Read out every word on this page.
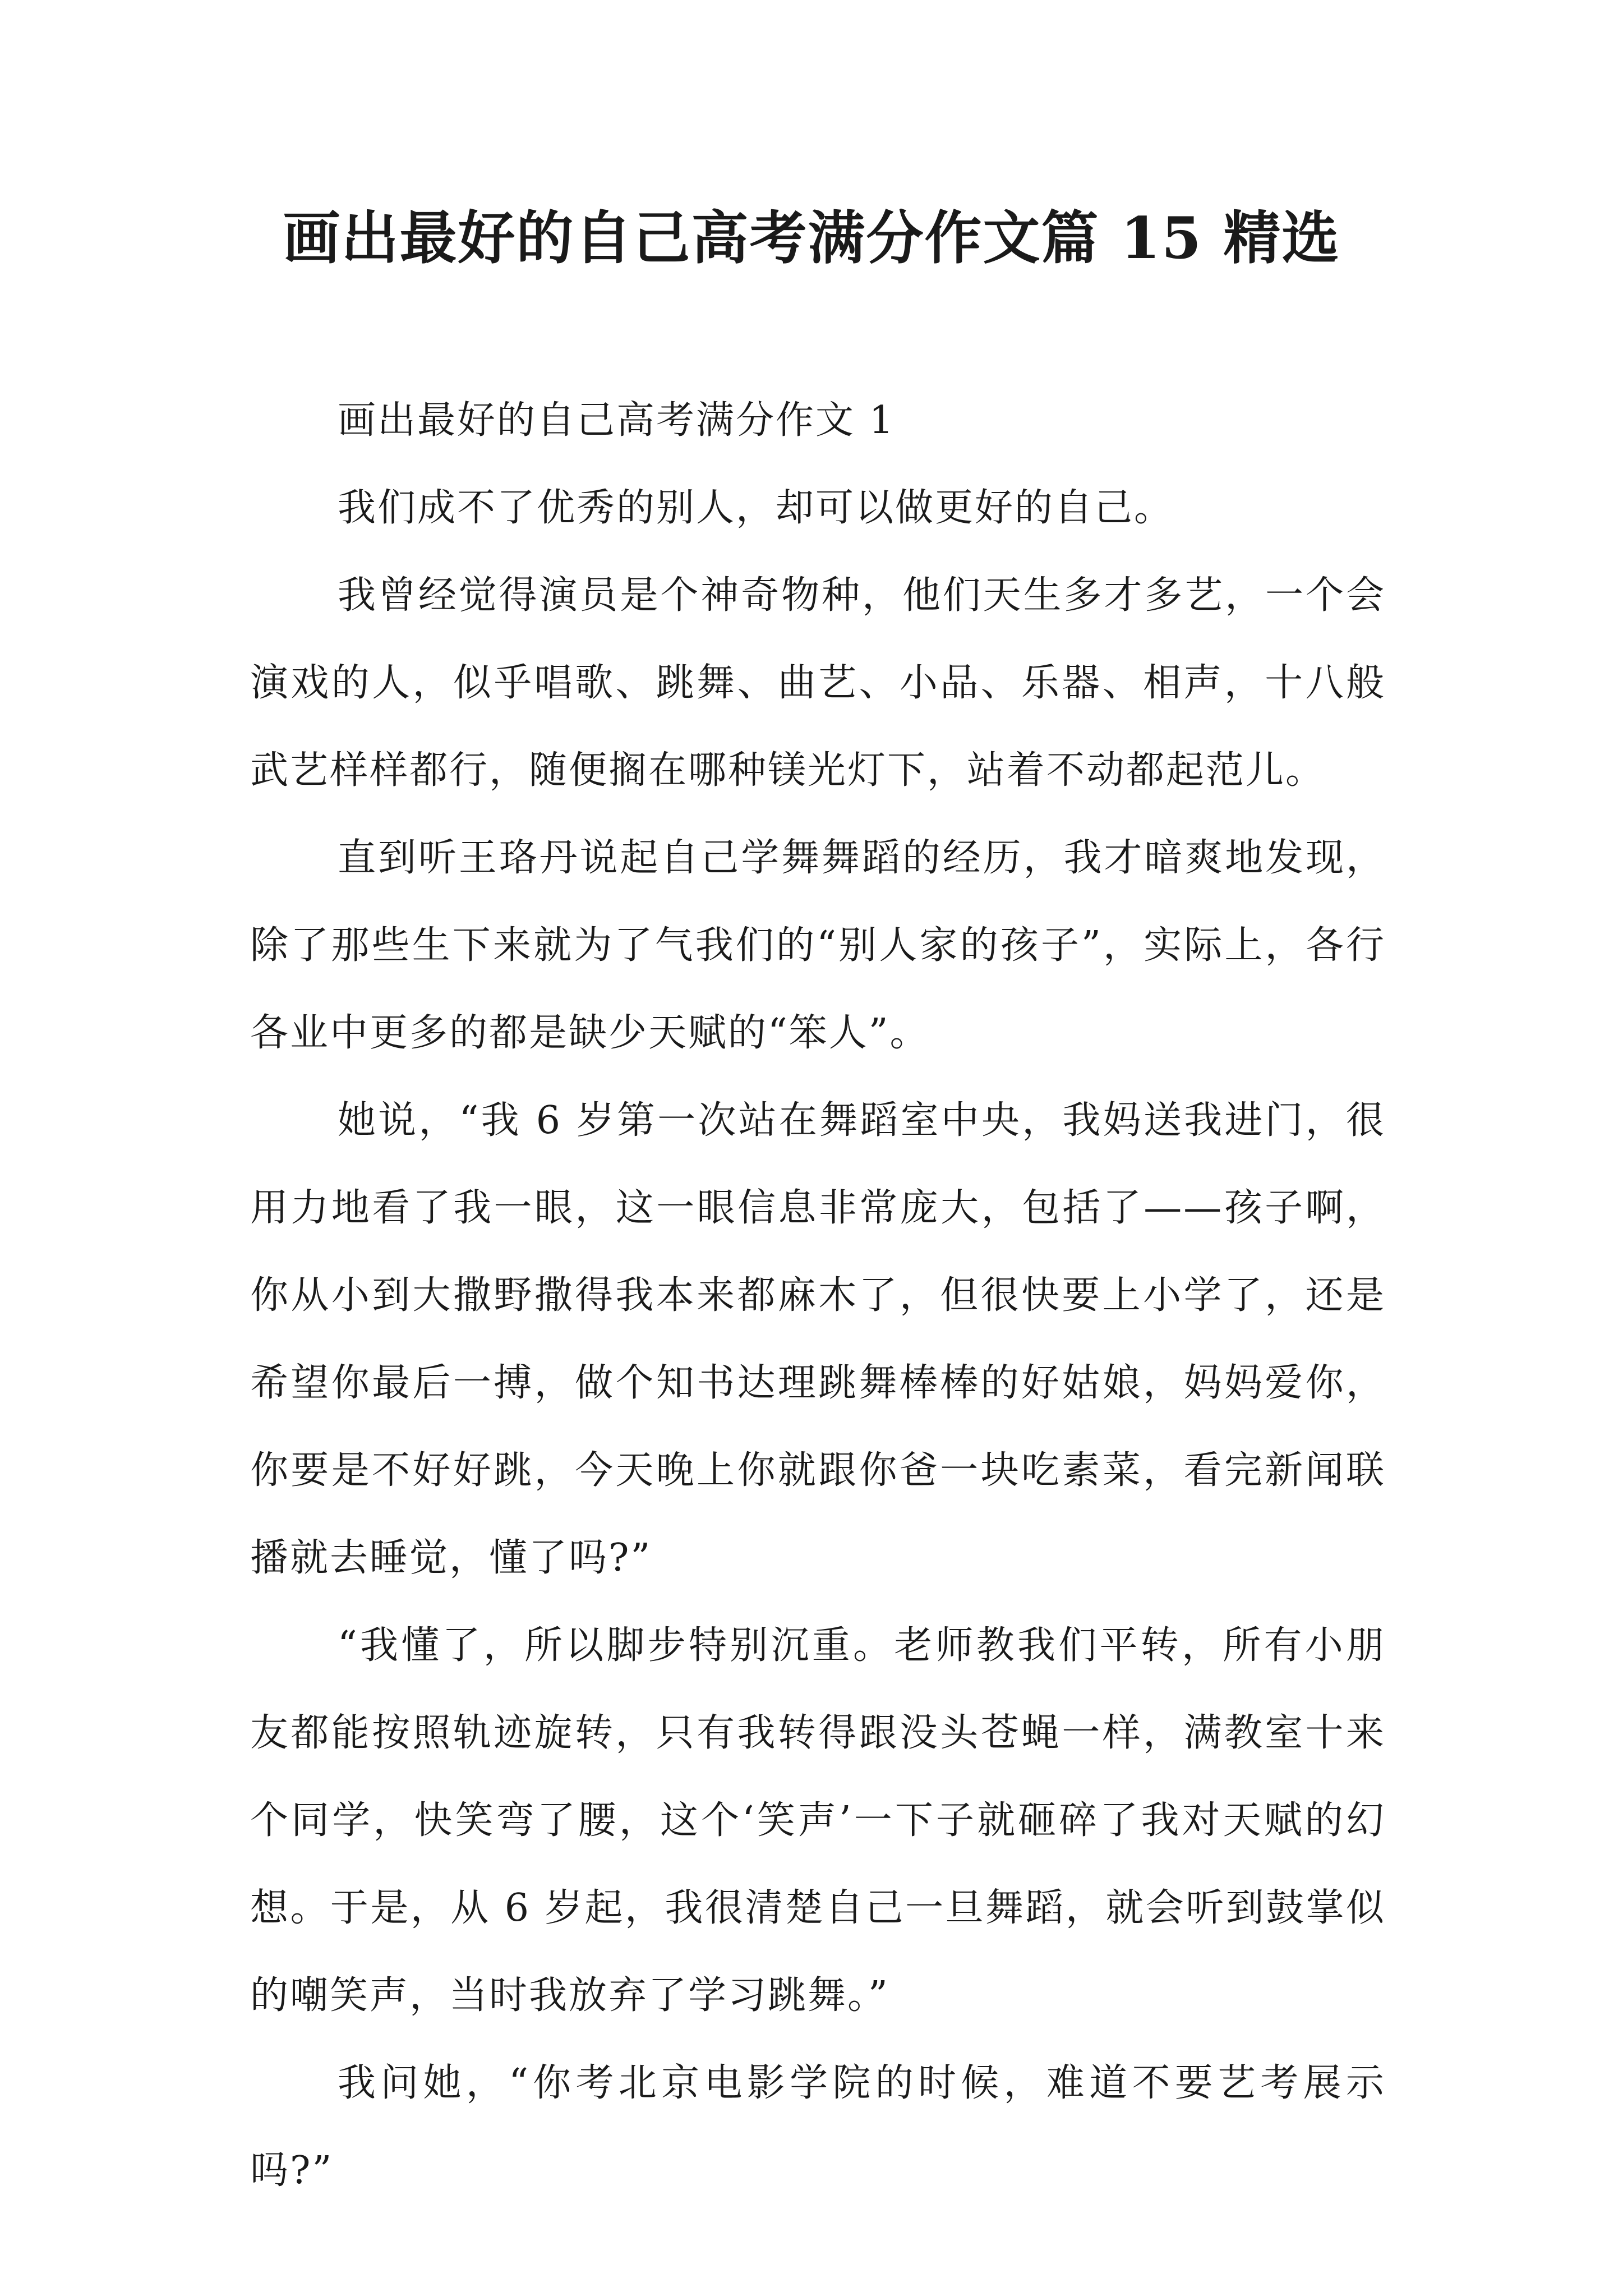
画出最好的自己高考满分作文篇 15 精选

画出最好的自己高考满分作文 1

我们成不了优秀的别人，却可以做更好的自己。

我曾经觉得演员是个神奇物种，他们天生多才多艺，一个会演戏的人，似乎唱歌、跳舞、曲艺、小品、乐器、相声，十八般武艺样样都行，随便搁在哪种镁光灯下，站着不动都起范儿。

直到听王珞丹说起自己学舞舞蹈的经历，我才暗爽地发现，除了那些生下来就为了气我们的“别人家的孩子”，实际上，各行各业中更多的都是缺少天赋的“笨人”。

她说，“我 6 岁第一次站在舞蹈室中央，我妈送我进门，很用力地看了我一眼，这一眼信息非常庞大，包括了——孩子啊，你从小到大撒野撒得我本来都麻木了，但很快要上小学了，还是希望你最后一搏，做个知书达理跳舞棒棒的好姑娘，妈妈爱你，你要是不好好跳，今天晚上你就跟你爸一块吃素菜，看完新闻联播就去睡觉，懂了吗?”

“我懂了，所以脚步特别沉重。老师教我们平转，所有小朋友都能按照轨迹旋转，只有我转得跟没头苍蝇一样，满教室十来个同学，快笑弯了腰，这个‘笑声’一下子就砸碎了我对天赋的幻想。于是，从 6 岁起，我很清楚自己一旦舞蹈，就会听到鼓掌似的嘲笑声，当时我放弃了学习跳舞。”

我问她，“你考北京电影学院的时候，难道不要艺考展示吗?”
